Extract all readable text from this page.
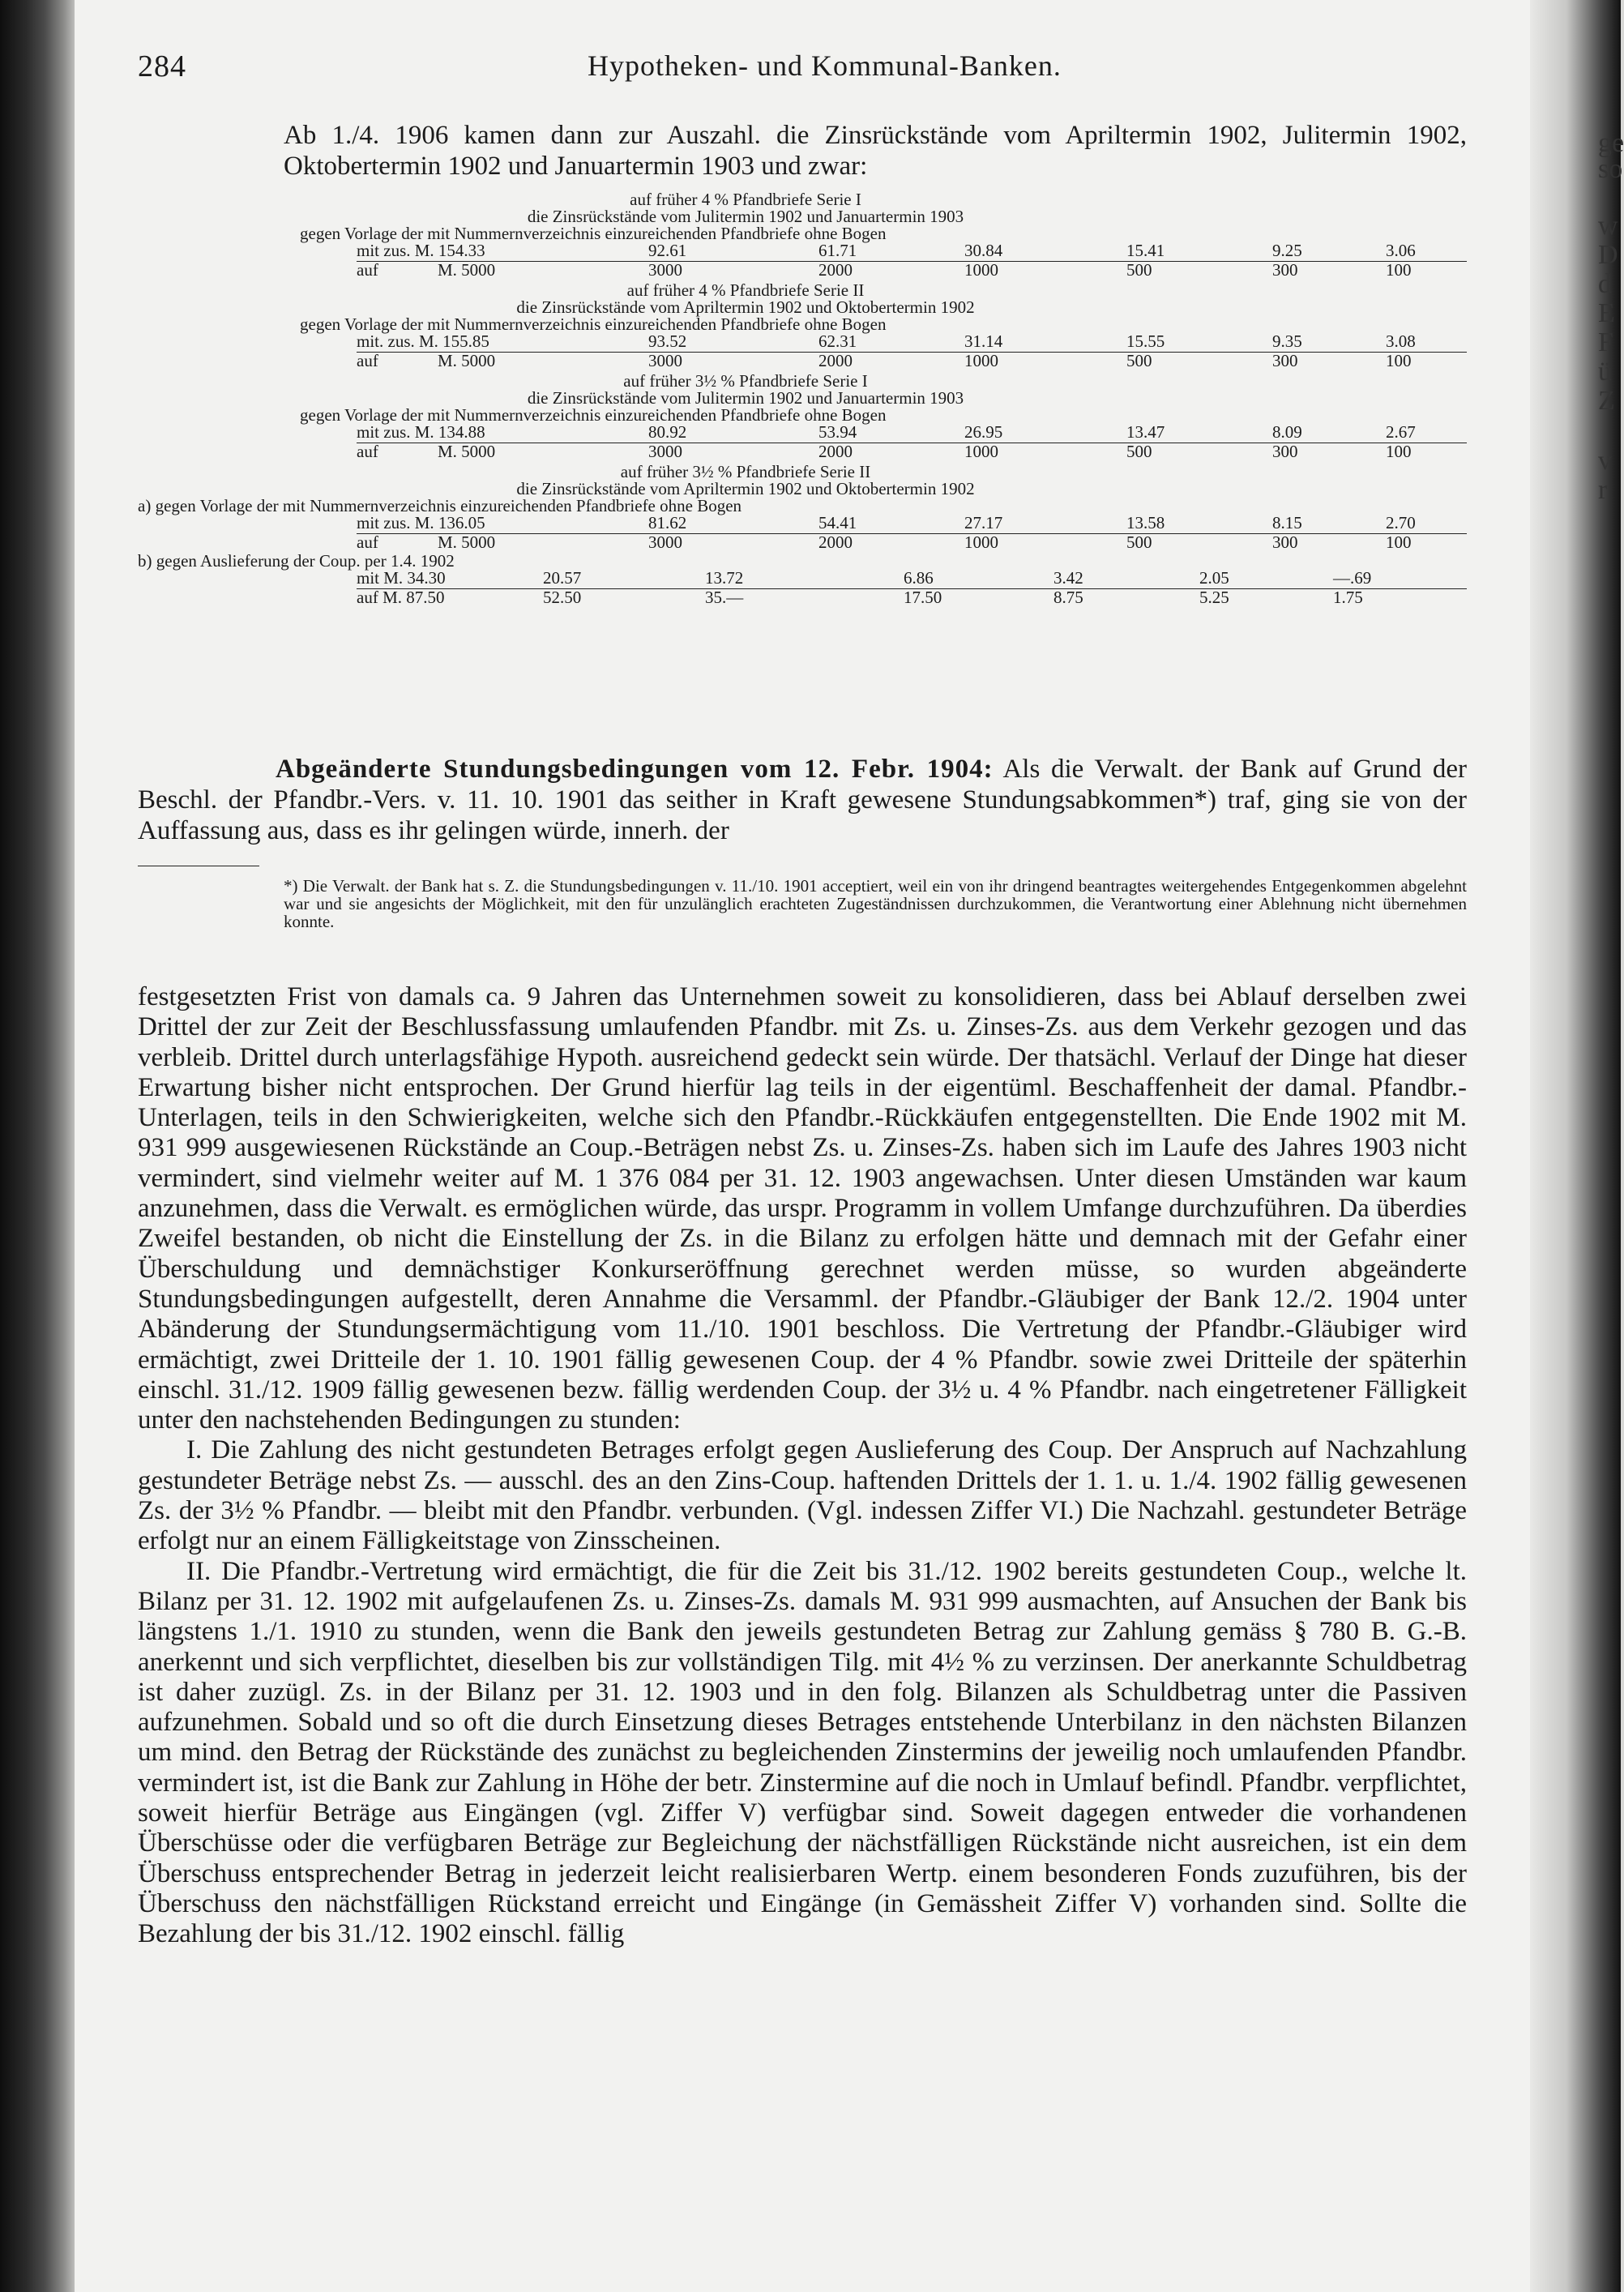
ge
so
w
D
d
E
F
ü
Z
v
r
284	Hypotheken- und Kommunal-Banken.
Ab 1./4. 1906 kamen dann zur Auszahl. die Zinsrückstände vom Apriltermin 1902, Julitermin 1902, Oktobertermin 1902 und Januartermin 1903 und zwar:
auf früher 4 % Pfandbriefe Serie I
die Zinsrückstände vom Julitermin 1902 und Januartermin 1903
gegen Vorlage der mit Nummernverzeichnis einzureichenden Pfandbriefe ohne Bogen
mit zus. M. 154.33	92.61	61.71	30.84	15.41	9.25	3.06
auf	M. 5000	3000	2000	1000	500	300	100
auf früher 4 % Pfandbriefe Serie II
die Zinsrückstände vom Apriltermin 1902 und Oktobertermin 1902
gegen Vorlage der mit Nummernverzeichnis einzureichenden Pfandbriefe ohne Bogen
mit. zus. M. 155.85	93.52	62.31	31.14	15.55	9.35	3.08
auf	M. 5000	3000	2000	1000	500	300	100
auf früher 3½ % Pfandbriefe Serie I
die Zinsrückstände vom Julitermin 1902 und Januartermin 1903
gegen Vorlage der mit Nummernverzeichnis einzureichenden Pfandbriefe ohne Bogen
mit zus. M. 134.88	80.92	53.94	26.95	13.47	8.09	2.67
auf	M. 5000	3000	2000	1000	500	300	100
auf früher 3½ % Pfandbriefe Serie II
die Zinsrückstände vom Apriltermin 1902 und Oktobertermin 1902
a) gegen Vorlage der mit Nummernverzeichnis einzureichenden Pfandbriefe ohne Bogen
mit zus. M. 136.05	81.62	54.41	27.17	13.58	8.15	2.70
auf	M. 5000	3000	2000	1000	500	300	100
b) gegen Auslieferung der Coup. per 1.4. 1902
mit M. 34.30	20.57	13.72	6.86	3.42	2.05	—.69
auf M. 87.50	52.50	35.—	17.50	8.75	5.25	1.75
Abgeänderte Stundungsbedingungen vom 12. Febr. 1904: Als die Verwalt. der Bank auf Grund der Beschl. der Pfandbr.-Vers. v. 11. 10. 1901 das seither in Kraft gewesene Stundungsabkommen*) traf, ging sie von der Auffassung aus, dass es ihr gelingen würde, innerh. der
*) Die Verwalt. der Bank hat s. Z. die Stundungsbedingungen v. 11./10. 1901 acceptiert, weil ein von ihr dringend beantragtes weitergehendes Entgegenkommen abgelehnt war und sie angesichts der Möglichkeit, mit den für unzulänglich erachteten Zugeständnissen durchzukommen, die Verantwortung einer Ablehnung nicht übernehmen konnte.

festgesetzten Frist von damals ca. 9 Jahren das Unternehmen soweit zu konsolidieren, dass bei Ablauf derselben zwei Drittel der zur Zeit der Beschlussfassung umlaufenden Pfandbr. mit Zs. u. Zinses-Zs. aus dem Verkehr gezogen und das verbleib. Drittel durch unterlagsfähige Hypoth. ausreichend gedeckt sein würde. Der thatsächl. Verlauf der Dinge hat dieser Erwartung bisher nicht entsprochen. Der Grund hierfür lag teils in der eigentüml. Beschaffenheit der damal. Pfandbr.-Unterlagen, teils in den Schwierigkeiten, welche sich den Pfandbr.-Rückkäufen entgegenstellten. Die Ende 1902 mit M. 931 999 ausgewiesenen Rückstände an Coup.-Beträgen nebst Zs. u. Zinses-Zs. haben sich im Laufe des Jahres 1903 nicht vermindert, sind vielmehr weiter auf M. 1 376 084 per 31. 12. 1903 angewachsen. Unter diesen Umständen war kaum anzunehmen, dass die Verwalt. es ermöglichen würde, das urspr. Programm in vollem Umfange durchzuführen. Da überdies Zweifel bestanden, ob nicht die Einstellung der Zs. in die Bilanz zu erfolgen hätte und demnach mit der Gefahr einer Überschuldung und demnächstiger Konkurseröffnung gerechnet werden müsse, so wurden abgeänderte Stundungsbedingungen aufgestellt, deren Annahme die Versamml. der Pfandbr.-Gläubiger der Bank 12./2. 1904 unter Abänderung der Stundungsermächtigung vom 11./10. 1901 beschloss. Die Vertretung der Pfandbr.-Gläubiger wird ermächtigt, zwei Dritteile der 1. 10. 1901 fällig gewesenen Coup. der 4 % Pfandbr. sowie zwei Dritteile der späterhin einschl. 31./12. 1909 fällig gewesenen bezw. fällig werdenden Coup. der 3½ u. 4 % Pfandbr. nach eingetretener Fälligkeit unter den nachstehenden Bedingungen zu stunden:

I. Die Zahlung des nicht gestundeten Betrages erfolgt gegen Auslieferung des Coup. Der Anspruch auf Nachzahlung gestundeter Beträge nebst Zs. — ausschl. des an den Zins-Coup. haftenden Drittels der 1. 1. u. 1./4. 1902 fällig gewesenen Zs. der 3½ % Pfandbr. — bleibt mit den Pfandbr. verbunden. (Vgl. indessen Ziffer VI.) Die Nachzahl. gestundeter Beträge erfolgt nur an einem Fälligkeitstage von Zinsscheinen.

II. Die Pfandbr.-Vertretung wird ermächtigt, die für die Zeit bis 31./12. 1902 bereits gestundeten Coup., welche lt. Bilanz per 31. 12. 1902 mit aufgelaufenen Zs. u. Zinses-Zs. damals M. 931 999 ausmachten, auf Ansuchen der Bank bis längstens 1./1. 1910 zu stunden, wenn die Bank den jeweils gestundeten Betrag zur Zahlung gemäss § 780 B. G.-B. anerkennt und sich verpflichtet, dieselben bis zur vollständigen Tilg. mit 4½ % zu verzinsen. Der anerkannte Schuldbetrag ist daher zuzügl. Zs. in der Bilanz per 31. 12. 1903 und in den folg. Bilanzen als Schuldbetrag unter die Passiven aufzunehmen. Sobald und so oft die durch Einsetzung dieses Betrages entstehende Unterbilanz in den nächsten Bilanzen um mind. den Betrag der Rückstände des zunächst zu begleichenden Zinstermins der jeweilig noch umlaufenden Pfandbr. vermindert ist, ist die Bank zur Zahlung in Höhe der betr. Zinstermine auf die noch in Umlauf befindl. Pfandbr. verpflichtet, soweit hierfür Beträge aus Eingängen (vgl. Ziffer V) verfügbar sind. Soweit dagegen entweder die vorhandenen Überschüsse oder die verfügbaren Beträge zur Begleichung der nächstfälligen Rückstände nicht ausreichen, ist ein dem Überschuss entsprechender Betrag in jederzeit leicht realisierbaren Wertp. einem besonderen Fonds zuzuführen, bis der Überschuss den nächstfälligen Rückstand erreicht und Eingänge (in Gemässheit Ziffer V) vorhanden sind. Sollte die Bezahlung der bis 31./12. 1902 einschl. fällig
